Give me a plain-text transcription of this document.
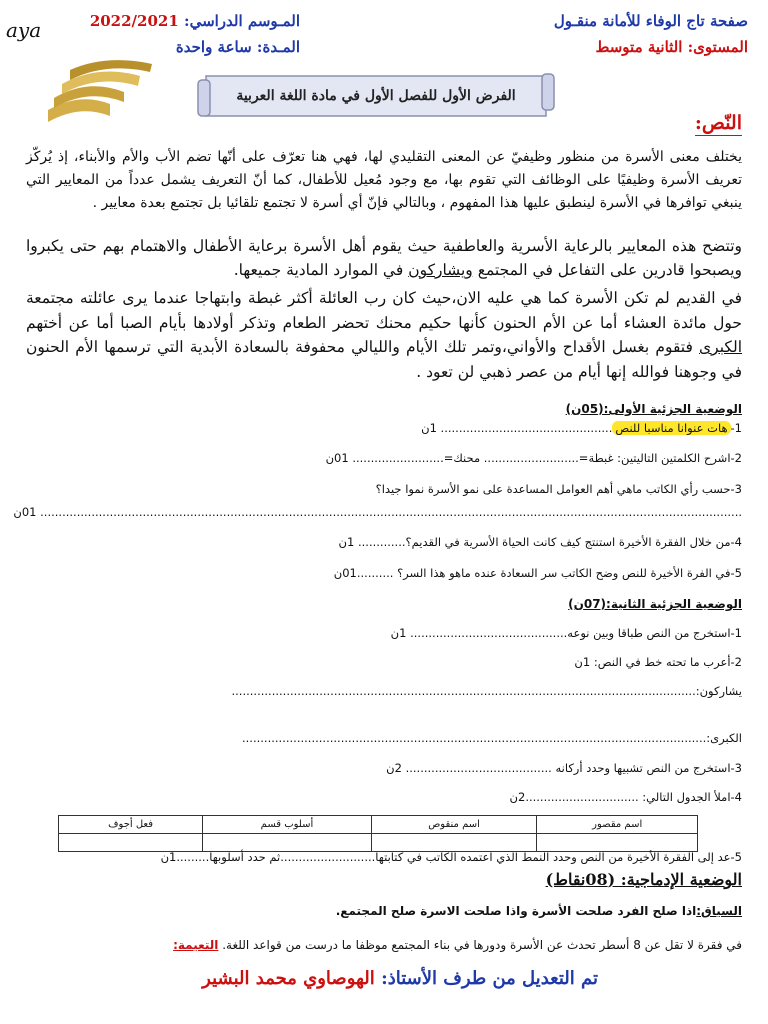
صفحة تاج الوفاء للأمانة منقـول
المستوى: الثانية متوسط
المـوسم الدراسي: 2022/2021
المـدة: ساعة واحدة
aya
الفرض الأول للفصل الأول في مادة اللغة العربية
النّص:
يختلف معنى الأسرة من منظور وظيفيّ عن المعنى التقليدي لها، فهي هنا تعرّف على أنّها تضم الأب والأم والأبناء، إذ يُركّز تعريف الأسرة وظيفيًا على الوظائف التي تقوم بها، مع وجود مُعيل للأطفال، كما أنّ التعريف يشمل عدداً من المعايير التي ينبغي توافرها في الأسرة لينطبق عليها هذا المفهوم ، وبالتالي فإنّ أي أسرة لا تجتمع تلقائيا بل تجتمع بعدة معايير .
وتتضح هذه المعايير بالرعاية الأسرية والعاطفية حيث يقوم أهل الأسرة برعاية الأطفال والاهتمام بهم حتى يكبروا ويصبحوا قادرين على التفاعل في المجتمع ويشاركون في الموارد المادية جميعها.
في القديم لم تكن الأسرة كما هي عليه الان،حيث كان رب العائلة أكثر غبطة وابتهاجا عندما يرى عائلته مجتمعة حول مائدة العشاء أما عن الأم الحنون كأنها حكيم محنك تحضر الطعام وتذكر أولادها بأيام الصبا أما عن أختهم الكبرى فتقوم بغسل الأقداح والأواني،وتمر تلك الأيام والليالي محفوفة بالسعادة الأبدية التي ترسمها الأم الحنون في وجوهنا فوالله إنها أيام من عصر ذهبي لن تعود .
الوضعية الجزئية الأولى:(05ن)
1-هات عنوانا مناسبا للنص............................................... 1ن
2-اشرح الكلمتين التاليتين: غبطة=.......................... محنك=......................... 01ن
3-حسب رأي الكاتب ماهي أهم العوامل المساعدة على نمو الأسرة نموا جيدا؟
................................................................................................................................................................................................ 01ن
4-من خلال الفقرة الأخيرة استنتج كيف كانت الحياة الأسرية في القديم؟............. 1ن
5-في الفرة الأخيرة للنص وضح الكاتب سر السعادة عنده ماهو هذا السر؟ ..........01ن
الوضعية الجزئية الثانية:(07ن)
1-استخرج من النص طباقا وبين نوعه........................................... 1ن
2-أعرب ما تحته خط في النص: 1ن
يشاركون:...............................................................................................................................
الكبرى:...............................................................................................................................
3-استخرج من النص تشبيها وحدد أركانه ........................................ 2ن
4-املأ الجدول التالي: ...............................2ن
اسم مقصور	اسم منقوص	أسلوب قسم	فعل أجوف

5-عد إلى الفقرة الأخيرة من النص وحدد النمط الذي اعتمده الكاتب في كتابتها..........................ثم حدد أسلوبها.........1ن
الوضعية الإدماجية: (08نقاط)
السياق:اذا صلح الفرد صلحت الأسرة واذا صلحت الاسرة صلح المجتمع.
في فقرة لا تقل عن 8 أسطر تحدث عن الأسرة ودورها في بناء المجتمع موظفا ما درست من قواعد اللغة. التعيمة:
تم التعديل من طرف الأستاذ: الهوصاوي محمد البشير
